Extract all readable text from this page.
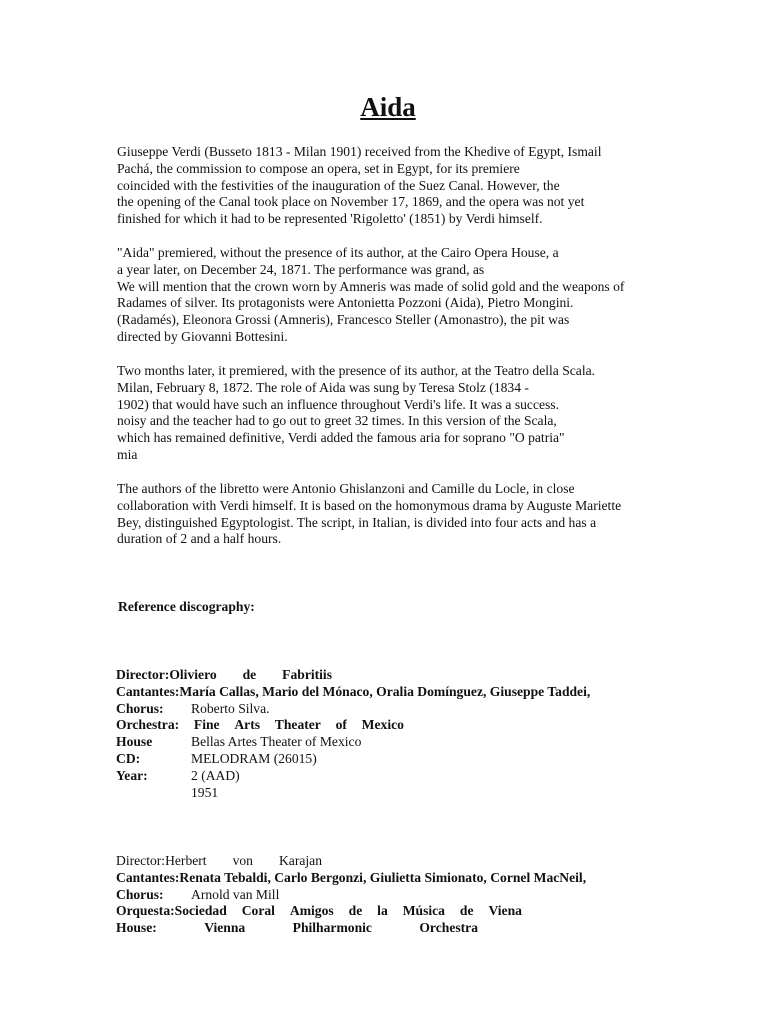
Aida
Giuseppe Verdi (Busseto 1813 - Milan 1901) received from the Khedive of Egypt, Ismail
Pachá, the commission to compose an opera, set in Egypt, for its premiere
coincided with the festivities of the inauguration of the Suez Canal. However, the
the opening of the Canal took place on November 17, 1869, and the opera was not yet
finished for which it had to be represented 'Rigoletto' (1851) by Verdi himself.
"Aida" premiered, without the presence of its author, at the Cairo Opera House, a
a year later, on December 24, 1871. The performance was grand, as
We will mention that the crown worn by Amneris was made of solid gold and the weapons of
Radames of silver. Its protagonists were Antonietta Pozzoni (Aida), Pietro Mongini.
(Radamés), Eleonora Grossi (Amneris), Francesco Steller (Amonastro), the pit was
directed by Giovanni Bottesini.
Two months later, it premiered, with the presence of its author, at the Teatro della Scala.
Milan, February 8, 1872. The role of Aida was sung by Teresa Stolz (1834 -
1902) that would have such an influence throughout Verdi's life. It was a success.
noisy and the teacher had to go out to greet 32 times. In this version of the Scala,
which has remained definitive, Verdi added the famous aria for soprano "O patria"
mia
The authors of the libretto were Antonio Ghislanzoni and Camille du Locle, in close
collaboration with Verdi himself. It is based on the homonymous drama by Auguste Mariette
Bey, distinguished Egyptologist. The script, in Italian, is divided into four acts and has a
duration of 2 and a half hours.
Reference discography:
Director:Oliviero de Fabritiis
Cantantes:María Callas, Mario del Mónaco, Oralia Domínguez, Giuseppe Taddei,
Chorus: Roberto Silva.
Orchestra: Fine Arts Theater of Mexico
House	Bellas Artes Theater of Mexico
CD:	MELODRAM (26015)
Year:	2 (AAD)
1951
Director:Herbert von Karajan
Cantantes:Renata Tebaldi, Carlo Bergonzi, Giulietta Simionato, Cornel MacNeil,
Chorus: Arnold van Mill
Orquesta:Sociedad Coral Amigos de la Música de Viena
House:	Vienna	Philharmonic	Orchestra
